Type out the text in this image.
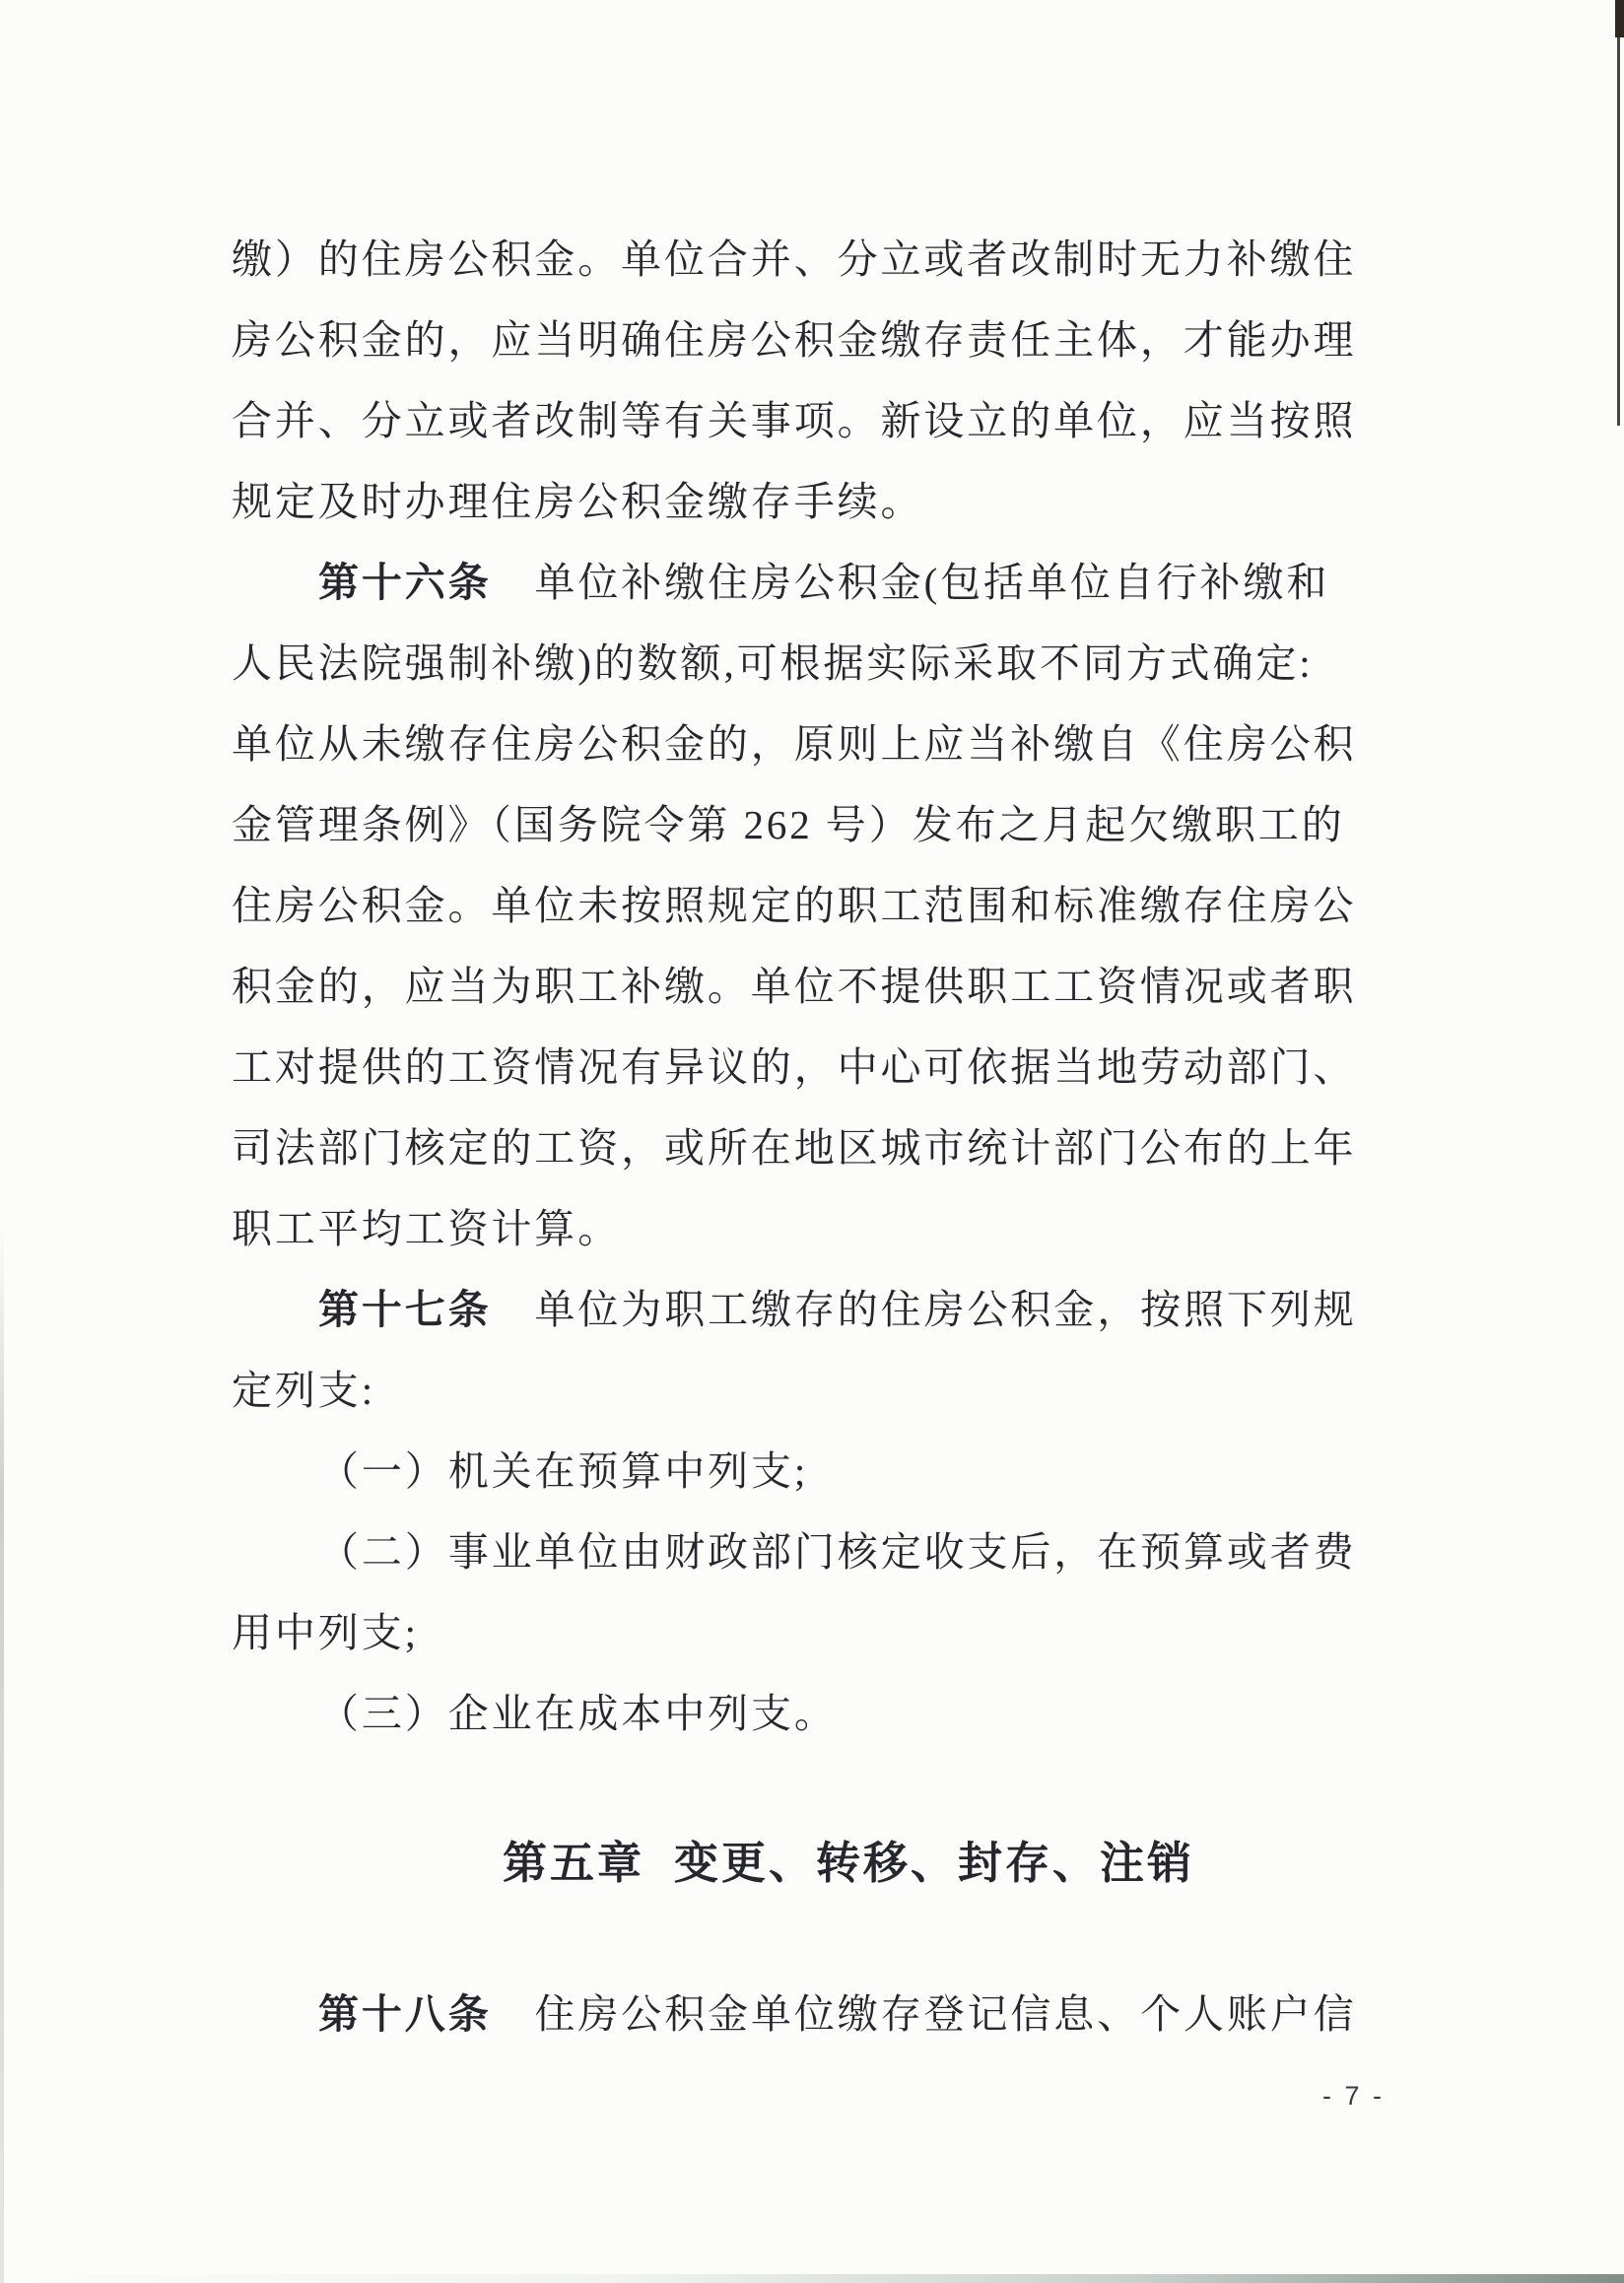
缴）的住房公积金。单位合并、分立或者改制时无力补缴住
房公积金的，应当明确住房公积金缴存责任主体，才能办理
合并、分立或者改制等有关事项。新设立的单位，应当按照
规定及时办理住房公积金缴存手续。
第十六条　单位补缴住房公积金(包括单位自行补缴和
人民法院强制补缴)的数额,可根据实际采取不同方式确定:
单位从未缴存住房公积金的，原则上应当补缴自《住房公积
金管理条例》（国务院令第 262 号）发布之月起欠缴职工的
住房公积金。单位未按照规定的职工范围和标准缴存住房公
积金的，应当为职工补缴。单位不提供职工工资情况或者职
工对提供的工资情况有异议的，中心可依据当地劳动部门、
司法部门核定的工资，或所在地区城市统计部门公布的上年
职工平均工资计算。
第十七条　单位为职工缴存的住房公积金，按照下列规
定列支:
（一）机关在预算中列支;
（二）事业单位由财政部门核定收支后，在预算或者费
用中列支;
（三）企业在成本中列支。
第五章 变更、转移、封存、注销
第十八条　住房公积金单位缴存登记信息、个人账户信
- 7 -
